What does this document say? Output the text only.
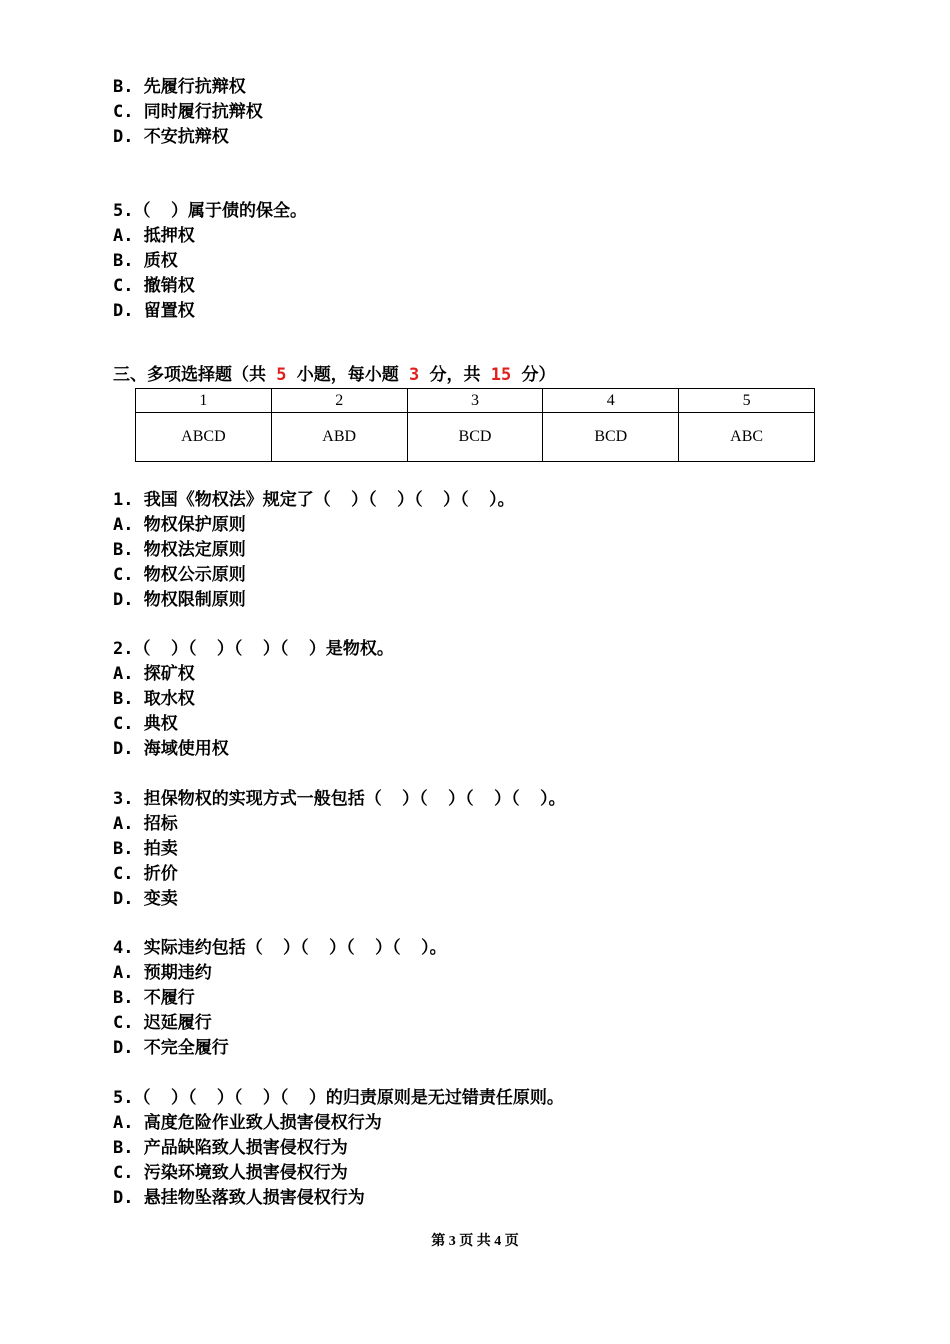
B. 先履行抗辩权
C. 同时履行抗辩权
D. 不安抗辩权
5.（  ）属于债的保全。
A. 抵押权
B. 质权
C. 撤销权
D. 留置权
三、多项选择题（共 5 小题，每小题 3 分，共 15 分）
1	2	3	4	5
ABCD	ABD	BCD	BCD	ABC
1. 我国《物权法》规定了（  ）（  ）（  ）（  ）。
A. 物权保护原则
B. 物权法定原则
C. 物权公示原则
D. 物权限制原则
2.（  ）（  ）（  ）（  ）是物权。
A. 探矿权
B. 取水权
C. 典权
D. 海域使用权
3. 担保物权的实现方式一般包括（  ）（  ）（  ）（  ）。
A. 招标
B. 拍卖
C. 折价
D. 变卖
4. 实际违约包括（  ）（  ）（  ）（  ）。
A. 预期违约
B. 不履行
C. 迟延履行
D. 不完全履行
5.（  ）（  ）（  ）（  ）的归责原则是无过错责任原则。
A. 高度危险作业致人损害侵权行为
B. 产品缺陷致人损害侵权行为
C. 污染环境致人损害侵权行为
D. 悬挂物坠落致人损害侵权行为
第 3 页 共 4 页
